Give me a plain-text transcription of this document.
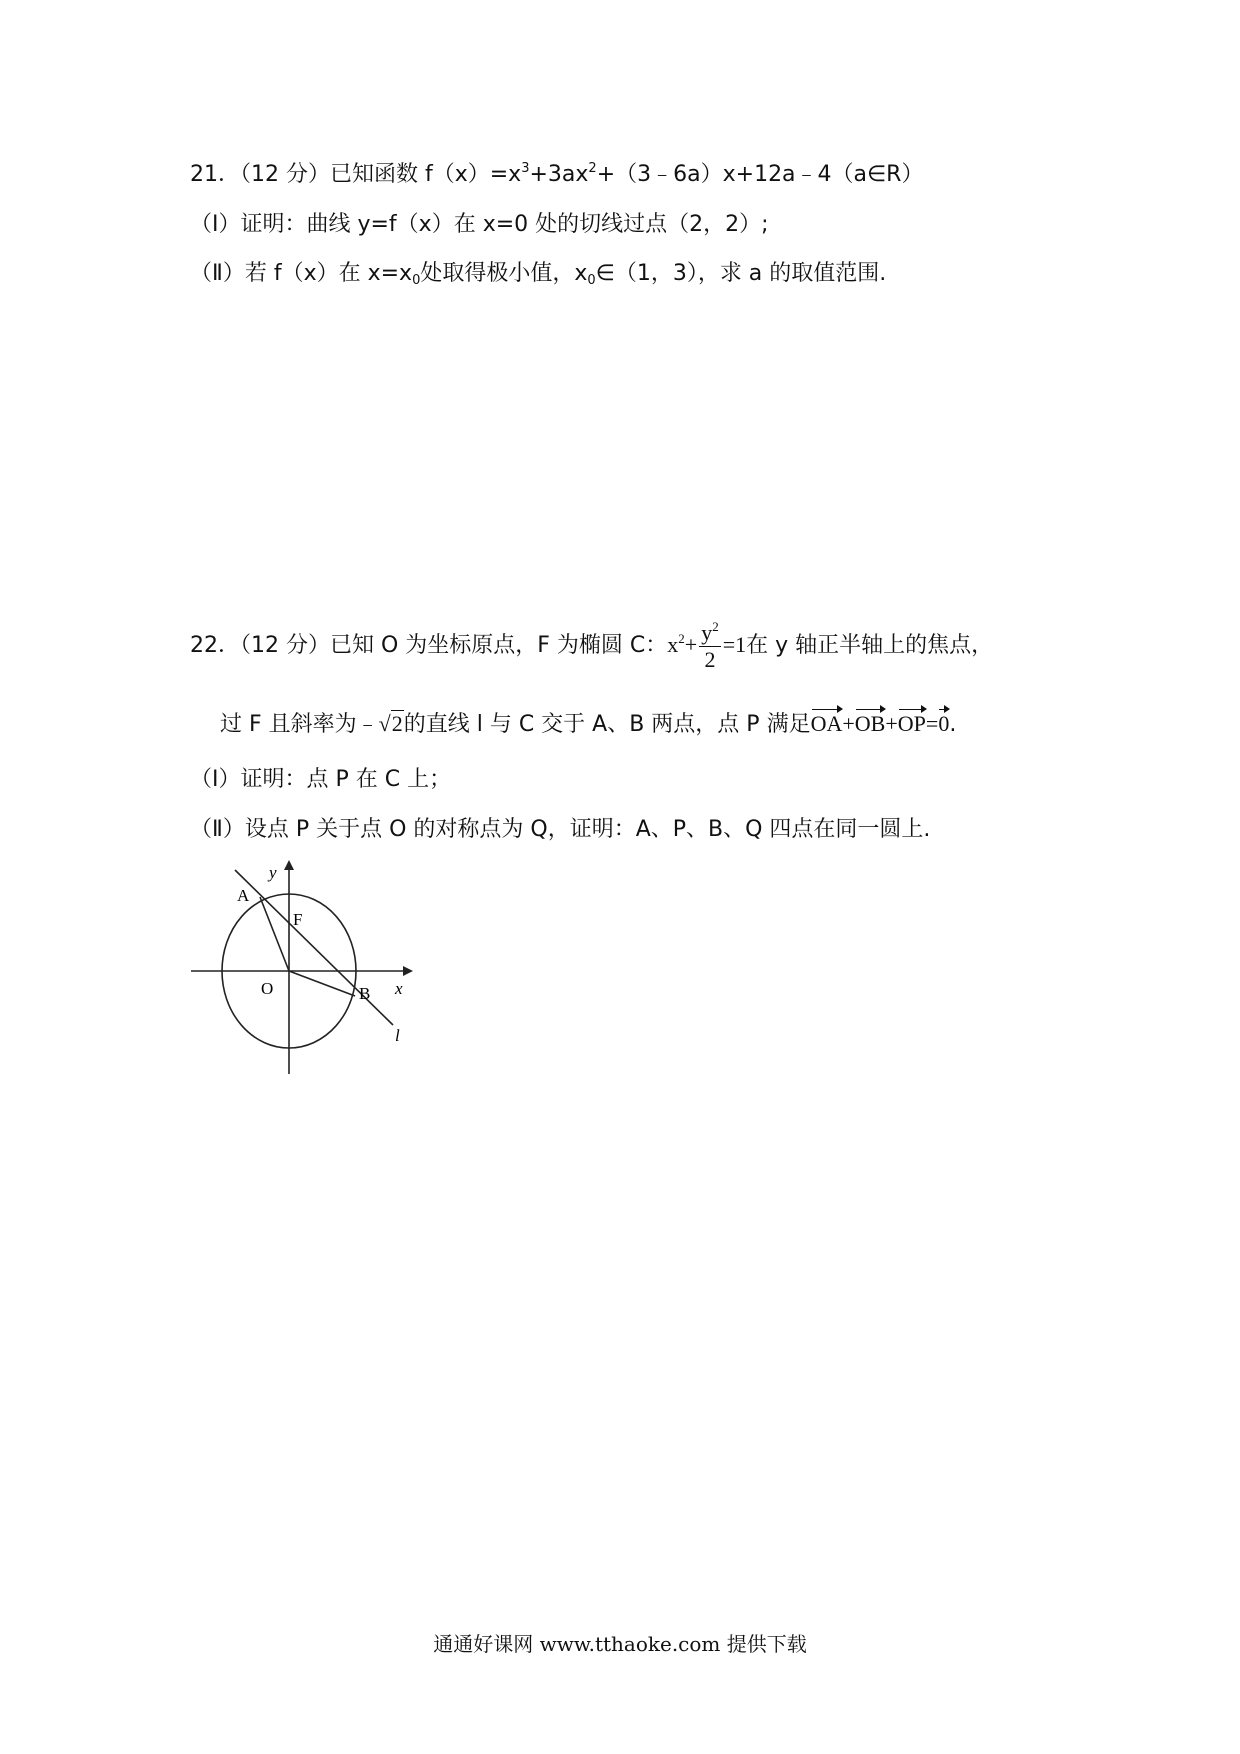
21．（12 分）已知函数 $f(x)=x^3+3ax^2+(3﹣6a)x+12a﹣4(a\in R)$
（Ⅰ）证明：曲线 y=f（x）在 x=0 处的切线过点（2，2）;
（Ⅱ）若 f（x）在 $x=x_0$处取得极小值，$x_0\in(1$，3），求 a 的取值范围.
22．（12 分）已知 O 为坐标原点，F 为椭圆 C：$x^2+ \frac{y^2}{2} =1$在 y 轴正半轴上的焦点，
过 F 且斜率为﹣√2的直线 l 与 C 交于 A、B 两点，点 P 满足OA+OB+OP=0.
（Ⅰ）证明：点 P 在 C 上；
（Ⅱ）设点 P 关于点 O 的对称点为 Q，证明：A、P、B、Q 四点在同一圆上.
y
x
A
F
O	B
l
通通好课网 www.tthaoke.com 提供下载
